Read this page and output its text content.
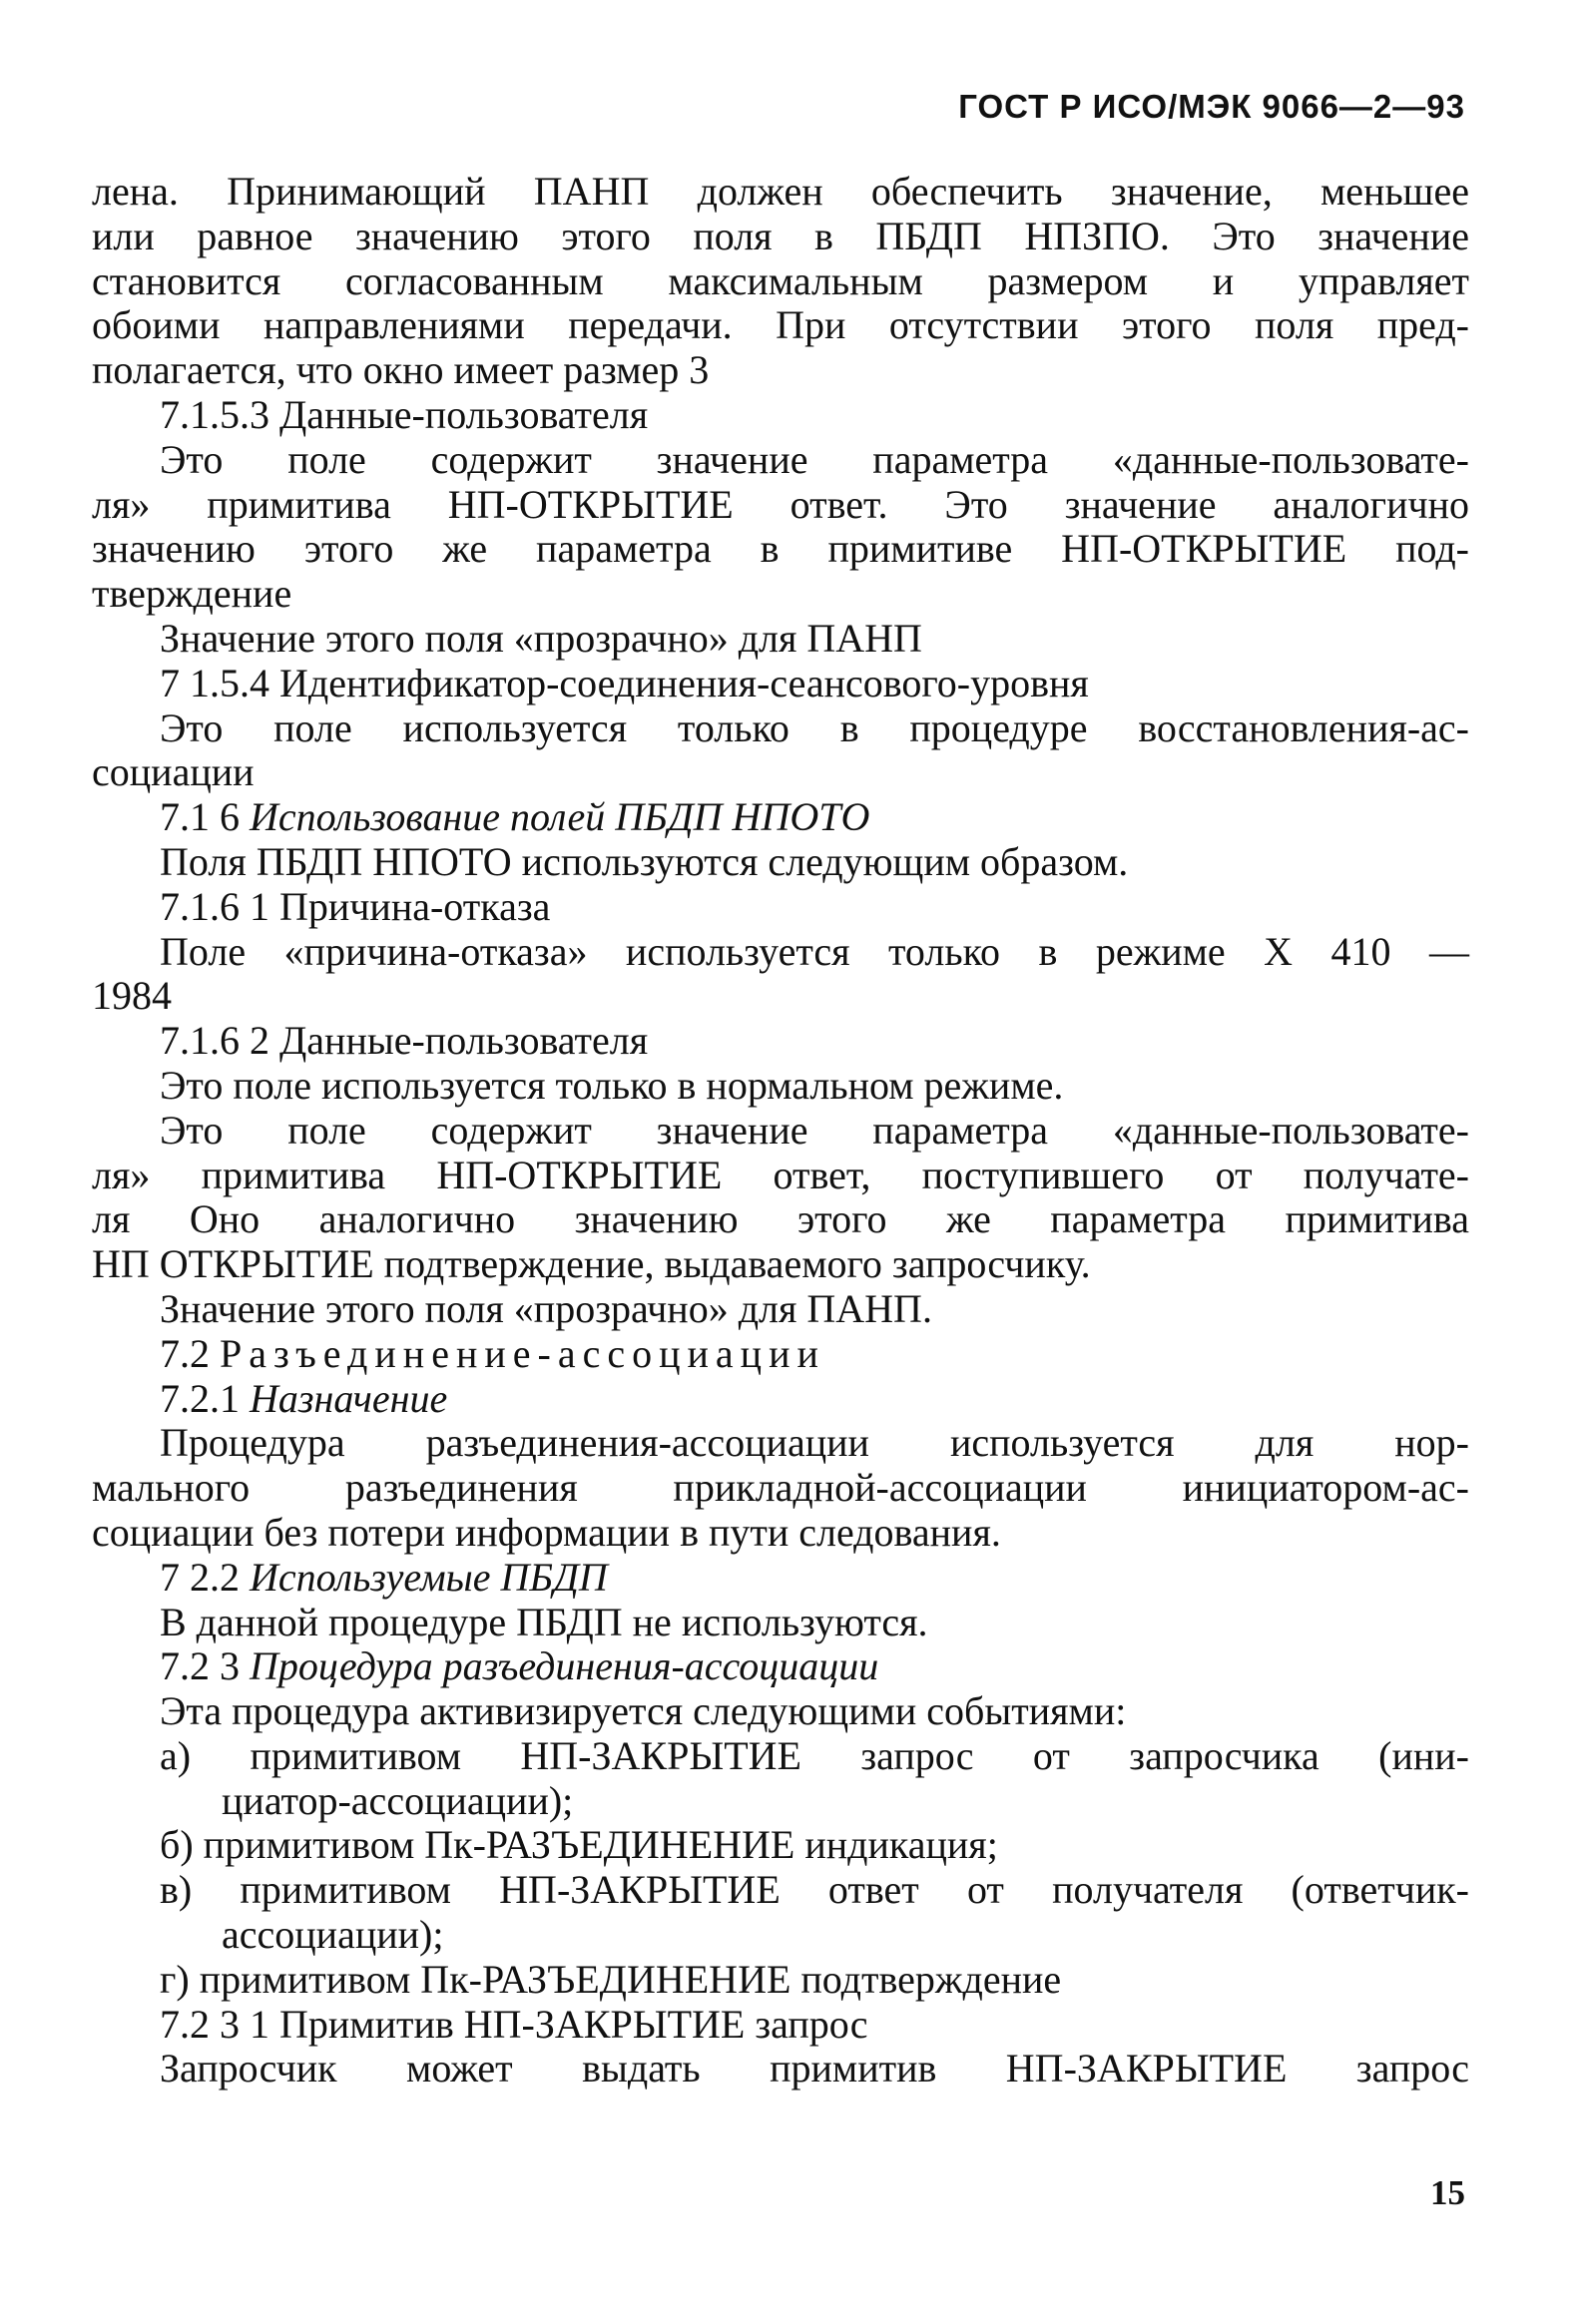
ГОСТ Р ИСО/МЭК 9066—2—93
лена. Принимающий ПАНП должен обеспечить значение, меньшее
или равное значению этого поля в ПБДП НПЗПО. Это значение
становится согласованным максимальным размером и управляет
обоими направлениями передачи. При отсутствии этого поля пред-
полагается, что окно имеет размер 3
7.1.5.3 Данные-пользователя
Это поле содержит значение параметра «данные-пользовате-
ля» примитива НП-ОТКРЫТИЕ ответ. Это значение аналогично
значению этого же параметра в примитиве НП-ОТКРЫТИЕ под-
тверждение
Значение этого поля «прозрачно» для ПАНП
7 1.5.4 Идентификатор-соединения-сеансового-уровня
Это поле используется только в процедуре восстановления-ас-
социации
7.1 6 Использование полей ПБДП НПОТО
Поля ПБДП НПОТО используются следующим образом.
7.1.6 1 Причина-отказа
Поле «причина-отказа» используется только в режиме X 410 —
1984
7.1.6 2 Данные-пользователя
Это поле используется только в нормальном режиме.
Это поле содержит значение параметра «данные-пользовате-
ля» примитива НП-ОТКРЫТИЕ ответ, поступившего от получате-
ля Оно аналогично значению этого же параметра примитива
НП ОТКРЫТИЕ подтверждение, выдаваемого запросчику.
Значение этого поля «прозрачно» для ПАНП.
7.2 Разъединение-ассоциации
7.2.1 Назначение
Процедура разъединения-ассоциации используется для нор-
мального разъединения прикладной-ассоциации инициатором-ас-
социации без потери информации в пути следования.
7 2.2 Используемые ПБДП
В данной процедуре ПБДП не используются.
7.2 3 Процедура разъединения-ассоциации
Эта процедура активизируется следующими событиями:
а) примитивом НП-ЗАКРЫТИЕ запрос от запросчика (ини-
циатор-ассоциации);
б) примитивом Пк-РАЗЪЕДИНЕНИЕ индикация;
в) примитивом НП-ЗАКРЫТИЕ ответ от получателя (ответчик-
ассоциации);
г) примитивом Пк-РАЗЪЕДИНЕНИЕ подтверждение
7.2 3 1 Примитив НП-ЗАКРЫТИЕ запрос
Запросчик может выдать примитив НП-ЗАКРЫТИЕ запрос
15
